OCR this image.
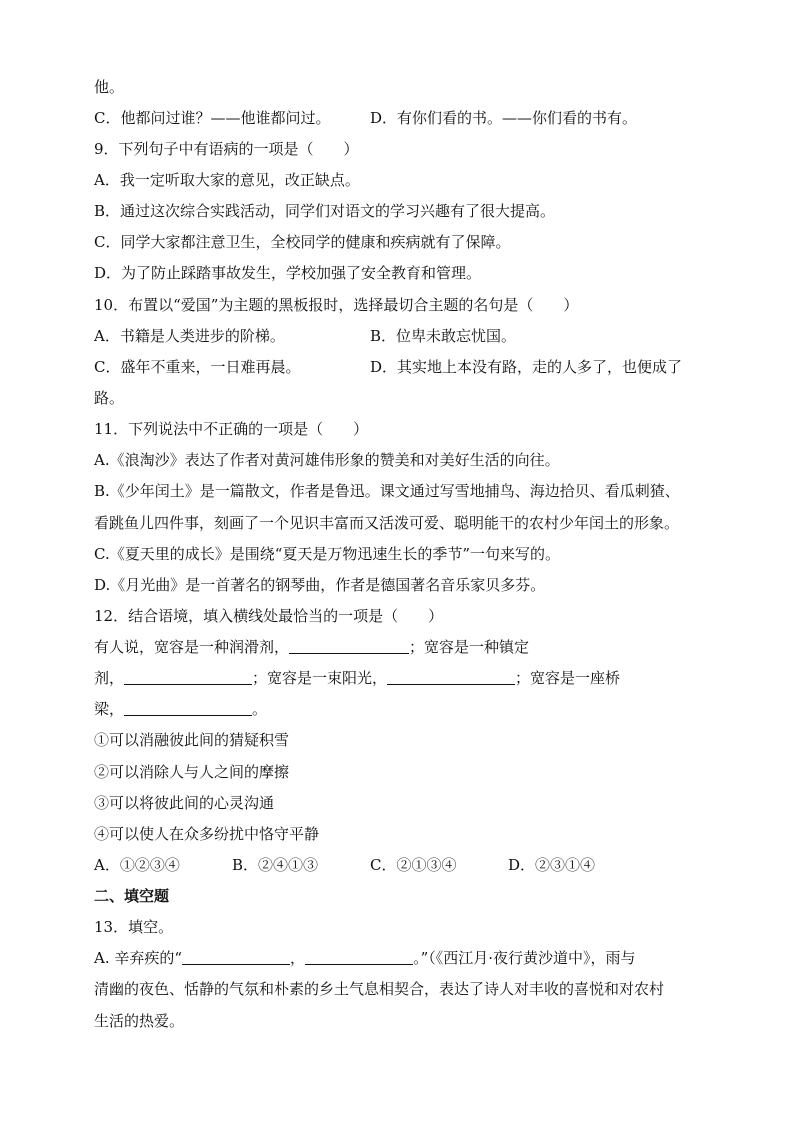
他。
C．他都问过谁？——他谁都问过。	D．有你们看的书。——你们看的书有。
9．下列句子中有语病的一项是（　　）
A．我一定听取大家的意见，改正缺点。
B．通过这次综合实践活动，同学们对语文的学习兴趣有了很大提高。
C．同学大家都注意卫生，全校同学的健康和疾病就有了保障。
D．为了防止踩踏事故发生，学校加强了安全教育和管理。
10．布置以“爱国”为主题的黑板报时，选择最切合主题的名句是（　　）
A．书籍是人类进步的阶梯。	B．位卑未敢忘忧国。
C．盛年不重来，一日难再晨。	D．其实地上本没有路，走的人多了，也便成了
路。
11．下列说法中不正确的一项是（　　）
A.《浪淘沙》表达了作者对黄河雄伟形象的赞美和对美好生活的向往。
B.《少年闰土》是一篇散文，作者是鲁迅。课文通过写雪地捕鸟、海边拾贝、看瓜刺猹、
看跳鱼儿四件事，刻画了一个见识丰富而又活泼可爱、聪明能干的农村少年闰土的形象。
C.《夏天里的成长》是围绕“夏天是万物迅速生长的季节”一句来写的。
D.《月光曲》是一首著名的钢琴曲，作者是德国著名音乐家贝多芬。
12．结合语境，填入横线处最恰当的一项是（　　）
有人说，宽容是一种润滑剂，	；宽容是一种镇定
剂，	；宽容是一束阳光，	；宽容是一座桥
梁，	。
①可以消融彼此间的猜疑积雪
②可以消除人与人之间的摩擦
③可以将彼此间的心灵沟通
④可以使人在众多纷扰中恪守平静
A．①②③④	B．②④①③	C．②①③④	D．②③①④
二、填空题
13．填空。
A. 辛弃疾的“	，	。”（《西江月·夜行黄沙道中》，雨与
清幽的夜色、恬静的气氛和朴素的乡土气息相契合，表达了诗人对丰收的喜悦和对农村
生活的热爱。
